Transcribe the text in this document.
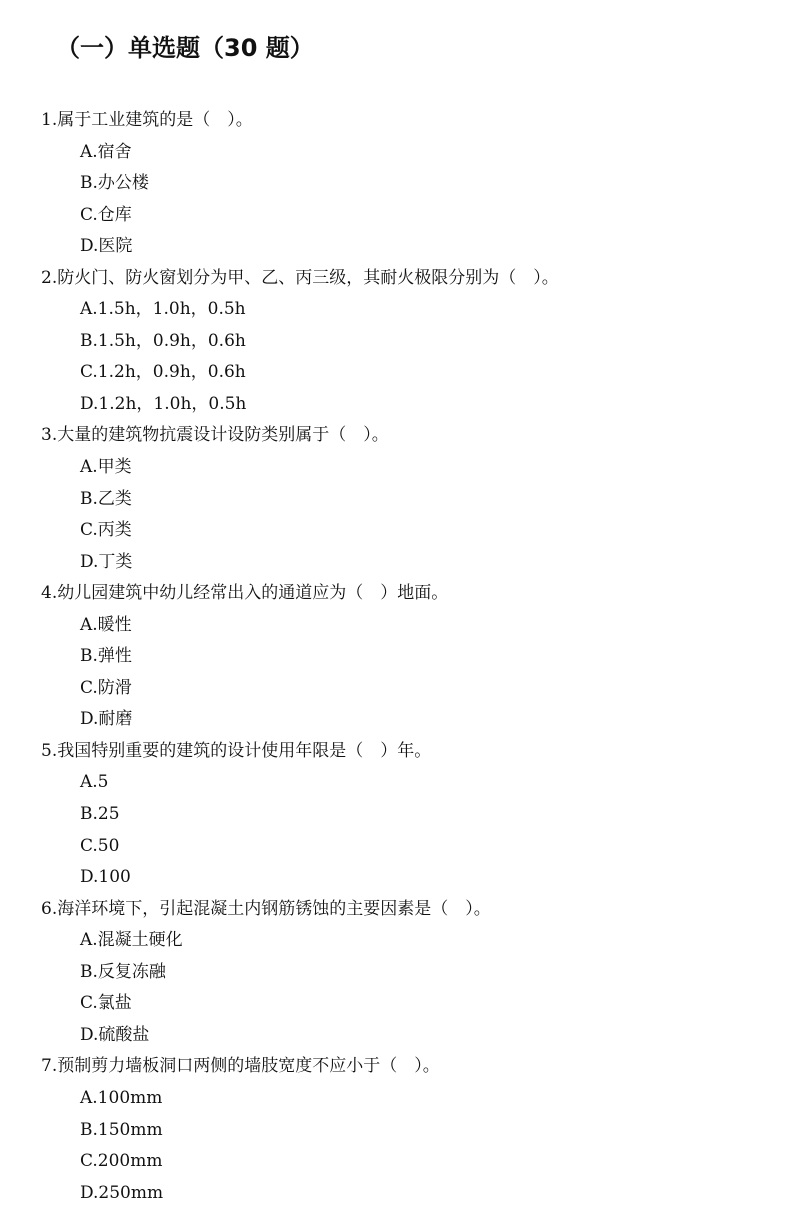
（一）单选题（30 题）
1.属于工业建筑的是（　）。
A.宿舍
B.办公楼
C.仓库
D.医院
2.防火门、防火窗划分为甲、乙、丙三级，其耐火极限分别为（　）。
A.1.5h，1.0h，0.5h
B.1.5h，0.9h，0.6h
C.1.2h，0.9h，0.6h
D.1.2h，1.0h，0.5h
3.大量的建筑物抗震设计设防类别属于（　）。
A.甲类
B.乙类
C.丙类
D.丁类
4.幼儿园建筑中幼儿经常出入的通道应为（　）地面。
A.暖性
B.弹性
C.防滑
D.耐磨
5.我国特别重要的建筑的设计使用年限是（　）年。
A.5
B.25
C.50
D.100
6.海洋环境下，引起混凝土内钢筋锈蚀的主要因素是（　）。
A.混凝土硬化
B.反复冻融
C.氯盐
D.硫酸盐
7.预制剪力墙板洞口两侧的墙肢宽度不应小于（　）。
A.100mm
B.150mm
C.200mm
D.250mm
